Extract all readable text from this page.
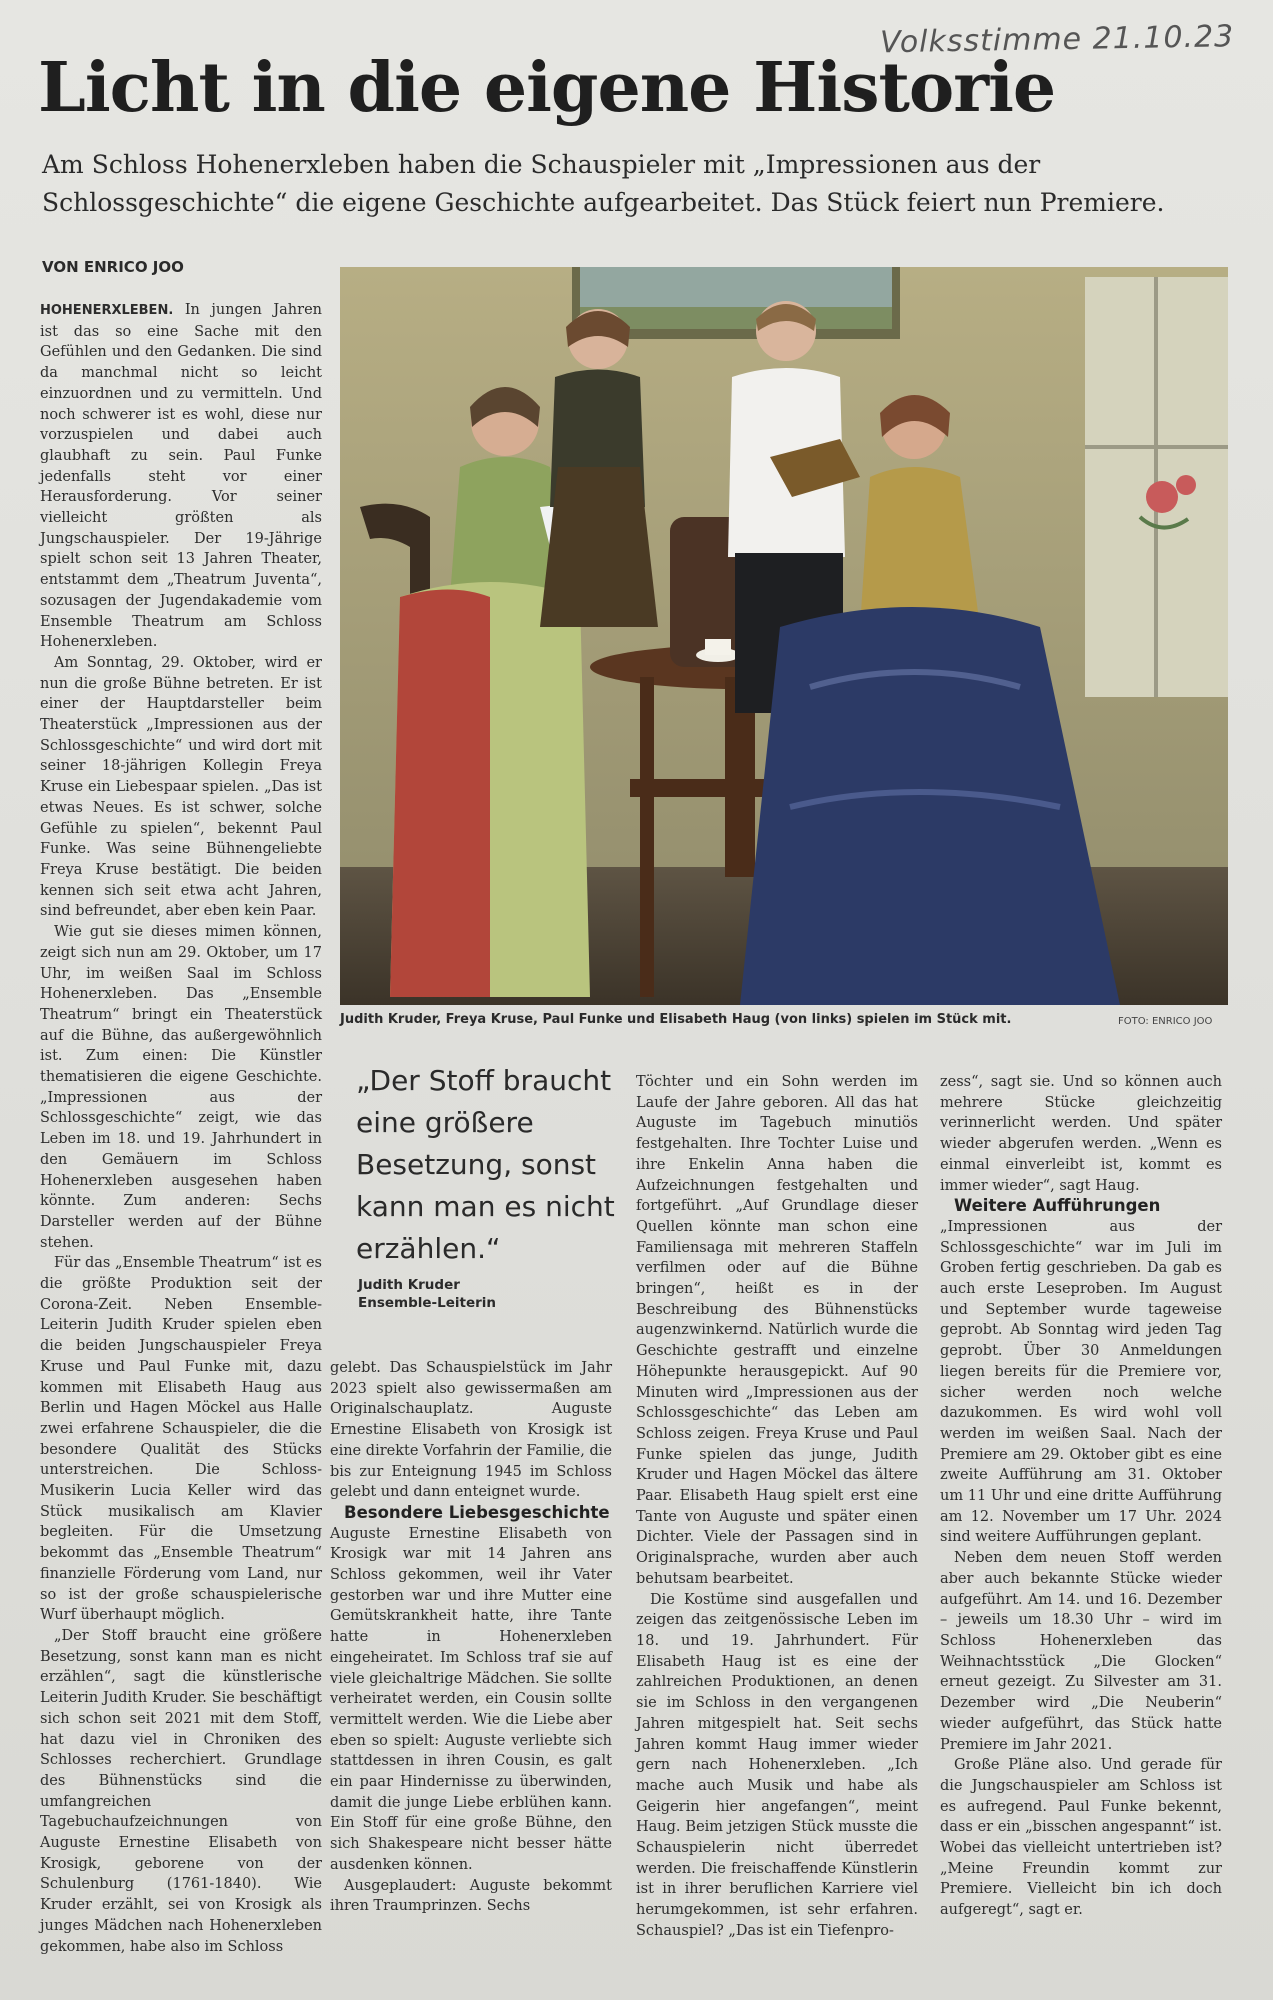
Volksstimme 21.10.23
Licht in die eigene Historie

Am Schloss Hohenerxleben haben die Schauspieler mit „Impressionen aus der Schlossgeschichte“ die eigene Geschichte aufgearbeitet. Das Stück feiert nun Premiere.

VON ENRICO JOO

HOHENERXLEBEN. In jungen Jahren ist das so eine Sache mit den Gefühlen und den Gedanken. Die sind da manchmal nicht so leicht einzuordnen und zu vermitteln. Und noch schwerer ist es wohl, diese nur vorzuspielen und dabei auch glaubhaft zu sein. Paul Funke jedenfalls steht vor einer Herausforderung. Vor seiner vielleicht größten als Jungschauspieler. Der 19-Jährige spielt schon seit 13 Jahren Theater, entstammt dem „Theatrum Juventa“, sozusagen der Jugendakademie vom Ensemble Theatrum am Schloss Hohenerxleben.

Am Sonntag, 29. Oktober, wird er nun die große Bühne betreten. Er ist einer der Hauptdarsteller beim Theaterstück „Impressionen aus der Schlossgeschichte“ und wird dort mit seiner 18-jährigen Kollegin Freya Kruse ein Liebespaar spielen. „Das ist etwas Neues. Es ist schwer, solche Gefühle zu spielen“, bekennt Paul Funke. Was seine Bühnengeliebte Freya Kruse bestätigt. Die beiden kennen sich seit etwa acht Jahren, sind befreundet, aber eben kein Paar.

Wie gut sie dieses mimen können, zeigt sich nun am 29. Oktober, um 17 Uhr, im weißen Saal im Schloss Hohenerxleben. Das „Ensemble Theatrum“ bringt ein Theaterstück auf die Bühne, das außergewöhnlich ist. Zum einen: Die Künstler thematisieren die eigene Geschichte. „Impressionen aus der Schlossgeschichte“ zeigt, wie das Leben im 18. und 19. Jahrhundert in den Gemäuern im Schloss Hohenerxleben ausgesehen haben könnte. Zum anderen: Sechs Darsteller werden auf der Bühne stehen.

Für das „Ensemble Theatrum“ ist es die größte Produktion seit der Corona-Zeit. Neben Ensemble-Leiterin Judith Kruder spielen eben die beiden Jungschauspieler Freya Kruse und Paul Funke mit, dazu kommen mit Elisabeth Haug aus Berlin und Hagen Möckel aus Halle zwei erfahrene Schauspieler, die die besondere Qualität des Stücks unterstreichen. Die Schloss-Musikerin Lucia Keller wird das Stück musikalisch am Klavier begleiten. Für die Umsetzung bekommt das „Ensemble Theatrum“ finanzielle Förderung vom Land, nur so ist der große schauspielerische Wurf überhaupt möglich.

„Der Stoff braucht eine größere Besetzung, sonst kann man es nicht erzählen“, sagt die künstlerische Leiterin Judith Kruder. Sie beschäftigt sich schon seit 2021 mit dem Stoff, hat dazu viel in Chroniken des Schlosses recherchiert. Grundlage des Bühnenstücks sind die umfangreichen Tagebuchaufzeichnungen von Auguste Ernestine Elisabeth von Krosigk, geborene von der Schulenburg (1761-1840). Wie Kruder erzählt, sei von Krosigk als junges Mädchen nach Hohenerxleben gekommen, habe also im Schloss

Judith Kruder, Freya Kruse, Paul Funke und Elisabeth Haug (von links) spielen im Stück mit.	FOTO: ENRICO JOO
„Der Stoff braucht eine größere Besetzung, sonst kann man es nicht erzählen.“
Judith Kruder
Ensemble-Leiterin

gelebt. Das Schauspielstück im Jahr 2023 spielt also gewissermaßen am Originalschauplatz. Auguste Ernestine Elisabeth von Krosigk ist eine direkte Vorfahrin der Familie, die bis zur Enteignung 1945 im Schloss gelebt und dann enteignet wurde.

Besondere Liebesgeschichte

Auguste Ernestine Elisabeth von Krosigk war mit 14 Jahren ans Schloss gekommen, weil ihr Vater gestorben war und ihre Mutter eine Gemütskrankheit hatte, ihre Tante hatte in Hohenerxleben eingeheiratet. Im Schloss traf sie auf viele gleichaltrige Mädchen. Sie sollte verheiratet werden, ein Cousin sollte vermittelt werden. Wie die Liebe aber eben so spielt: Auguste verliebte sich stattdessen in ihren Cousin, es galt ein paar Hindernisse zu überwinden, damit die junge Liebe erblühen kann. Ein Stoff für eine große Bühne, den sich Shakespeare nicht besser hätte ausdenken können.

Ausgeplaudert: Auguste bekommt ihren Traumprinzen. Sechs

Töchter und ein Sohn werden im Laufe der Jahre geboren. All das hat Auguste im Tagebuch minutiös festgehalten. Ihre Tochter Luise und ihre Enkelin Anna haben die Aufzeichnungen festgehalten und fortgeführt. „Auf Grundlage dieser Quellen könnte man schon eine Familiensaga mit mehreren Staffeln verfilmen oder auf die Bühne bringen“, heißt es in der Beschreibung des Bühnenstücks augenzwinkernd. Natürlich wurde die Geschichte gestrafft und einzelne Höhepunkte herausgepickt. Auf 90 Minuten wird „Impressionen aus der Schlossgeschichte“ das Leben am Schloss zeigen. Freya Kruse und Paul Funke spielen das junge, Judith Kruder und Hagen Möckel das ältere Paar. Elisabeth Haug spielt erst eine Tante von Auguste und später einen Dichter. Viele der Passagen sind in Originalsprache, wurden aber auch behutsam bearbeitet.

Die Kostüme sind ausgefallen und zeigen das zeitgenössische Leben im 18. und 19. Jahrhundert. Für Elisabeth Haug ist es eine der zahlreichen Produktionen, an denen sie im Schloss in den vergangenen Jahren mitgespielt hat. Seit sechs Jahren kommt Haug immer wieder gern nach Hohenerxleben. „Ich mache auch Musik und habe als Geigerin hier angefangen“, meint Haug. Beim jetzigen Stück musste die Schauspielerin nicht überredet werden. Die freischaffende Künstlerin ist in ihrer beruflichen Karriere viel herumgekommen, ist sehr erfahren. Schauspiel? „Das ist ein Tiefenpro-

zess“, sagt sie. Und so können auch mehrere Stücke gleichzeitig verinnerlicht werden. Und später wieder abgerufen werden. „Wenn es einmal einverleibt ist, kommt es immer wieder“, sagt Haug.

Weitere Aufführungen

„Impressionen aus der Schlossgeschichte“ war im Juli im Groben fertig geschrieben. Da gab es auch erste Leseproben. Im August und September wurde tageweise geprobt. Ab Sonntag wird jeden Tag geprobt. Über 30 Anmeldungen liegen bereits für die Premiere vor, sicher werden noch welche dazukommen. Es wird wohl voll werden im weißen Saal. Nach der Premiere am 29. Oktober gibt es eine zweite Aufführung am 31. Oktober um 11 Uhr und eine dritte Aufführung am 12. November um 17 Uhr. 2024 sind weitere Aufführungen geplant.

Neben dem neuen Stoff werden aber auch bekannte Stücke wieder aufgeführt. Am 14. und 16. Dezember – jeweils um 18.30 Uhr – wird im Schloss Hohenerxleben das Weihnachtsstück „Die Glocken“ erneut gezeigt. Zu Silvester am 31. Dezember wird „Die Neuberin“ wieder aufgeführt, das Stück hatte Premiere im Jahr 2021.

Große Pläne also. Und gerade für die Jungschauspieler am Schloss ist es aufregend. Paul Funke bekennt, dass er ein „bisschen angespannt“ ist. Wobei das vielleicht untertrieben ist? „Meine Freundin kommt zur Premiere. Vielleicht bin ich doch aufgeregt“, sagt er.
